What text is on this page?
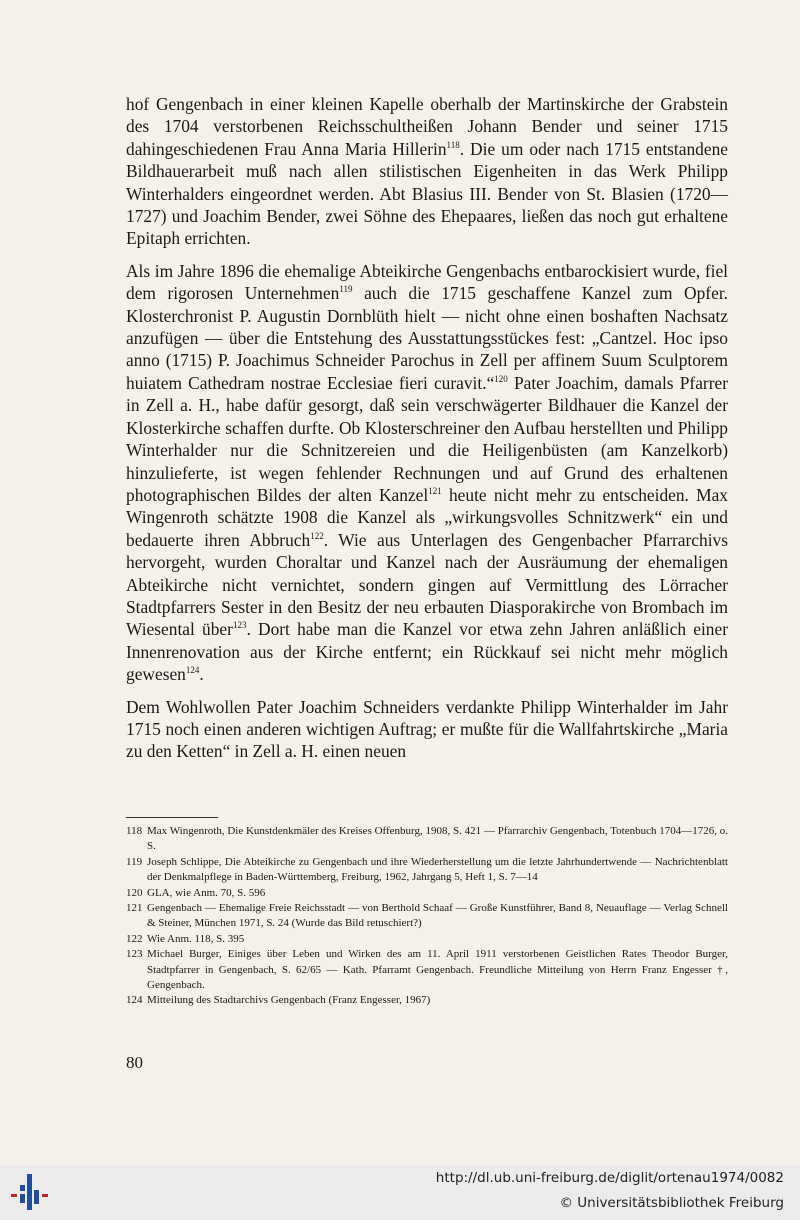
hof Gengenbach in einer kleinen Kapelle oberhalb der Martinskirche der Grabstein des 1704 verstorbenen Reichsschultheißen Johann Bender und seiner 1715 dahingeschiedenen Frau Anna Maria Hillerin$^{118}$. Die um oder nach 1715 entstandene Bildhauerarbeit muß nach allen stilistischen Eigenheiten in das Werk Philipp Winterhalders eingeordnet werden. Abt Blasius III. Bender von St. Blasien (1720—1727) und Joachim Bender, zwei Söhne des Ehepaares, ließen das noch gut erhaltene Epitaph errichten.

Als im Jahre 1896 die ehemalige Abteikirche Gengenbachs entbarockisiert wurde, fiel dem rigorosen Unternehmen$^{119}$ auch die 1715 geschaffene Kanzel zum Opfer. Klosterchronist P. Augustin Dornblüth hielt — nicht ohne einen boshaften Nachsatz anzufügen — über die Entstehung des Ausstattungsstückes fest: „Cantzel. Hoc ipso anno (1715) P. Joachimus Schneider Parochus in Zell per affinem Suum Sculptorem huiatem Cathedram nostrae Ecclesiae fieri curavit.“$^{120}$ Pater Joachim, damals Pfarrer in Zell a. H., habe dafür gesorgt, daß sein verschwägerter Bildhauer die Kanzel der Klosterkirche schaffen durfte. Ob Klosterschreiner den Aufbau herstellten und Philipp Winterhalder nur die Schnitzereien und die Heiligenbüsten (am Kanzelkorb) hinzulieferte, ist wegen fehlender Rechnungen und auf Grund des erhaltenen photographischen Bildes der alten Kanzel$^{121}$ heute nicht mehr zu entscheiden. Max Wingenroth schätzte 1908 die Kanzel als „wirkungsvolles Schnitzwerk“ ein und bedauerte ihren Abbruch$^{122}$. Wie aus Unterlagen des Gengenbacher Pfarrarchivs hervorgeht, wurden Choraltar und Kanzel nach der Ausräumung der ehemaligen Abteikirche nicht vernichtet, sondern gingen auf Vermittlung des Lörracher Stadtpfarrers Sester in den Besitz der neu erbauten Diasporakirche von Brombach im Wiesental über$^{123}$. Dort habe man die Kanzel vor etwa zehn Jahren anläßlich einer Innenrenovation aus der Kirche entfernt; ein Rückkauf sei nicht mehr möglich gewesen$^{124}$.

Dem Wohlwollen Pater Joachim Schneiders verdankte Philipp Winterhalder im Jahr 1715 noch einen anderen wichtigen Auftrag; er mußte für die Wallfahrtskirche „Maria zu den Ketten“ in Zell a. H. einen neuen

118 Max Wingenroth, Die Kunstdenkmäler des Kreises Offenburg, 1908, S. 421 — Pfarrarchiv Gengenbach, Totenbuch 1704—1726, o. S.
119 Joseph Schlippe, Die Abteikirche zu Gengenbach und ihre Wiederherstellung um die letzte Jahrhundertwende — Nachrichtenblatt der Denkmalpflege in Baden-Württemberg, Freiburg, 1962, Jahrgang 5, Heft 1, S. 7—14
120 GLA, wie Anm. 70, S. 596
121 Gengenbach — Ehemalige Freie Reichsstadt — von Berthold Schaaf — Große Kunstführer, Band 8, Neuauflage — Verlag Schnell & Steiner, München 1971, S. 24 (Wurde das Bild retuschiert?)
122 Wie Anm. 118, S. 395
123 Michael Burger, Einiges über Leben und Wirken des am 11. April 1911 verstorbenen Geistlichen Rates Theodor Burger, Stadtpfarrer in Gengenbach, S. 62/65 — Kath. Pfarramt Gengenbach. Freundliche Mitteilung von Herrn Franz Engesser †, Gengenbach.
124 Mitteilung des Stadtarchivs Gengenbach (Franz Engesser, 1967)
80
http://dl.ub.uni-freiburg.de/diglit/ortenau1974/0082
© Universitätsbibliothek Freiburg
